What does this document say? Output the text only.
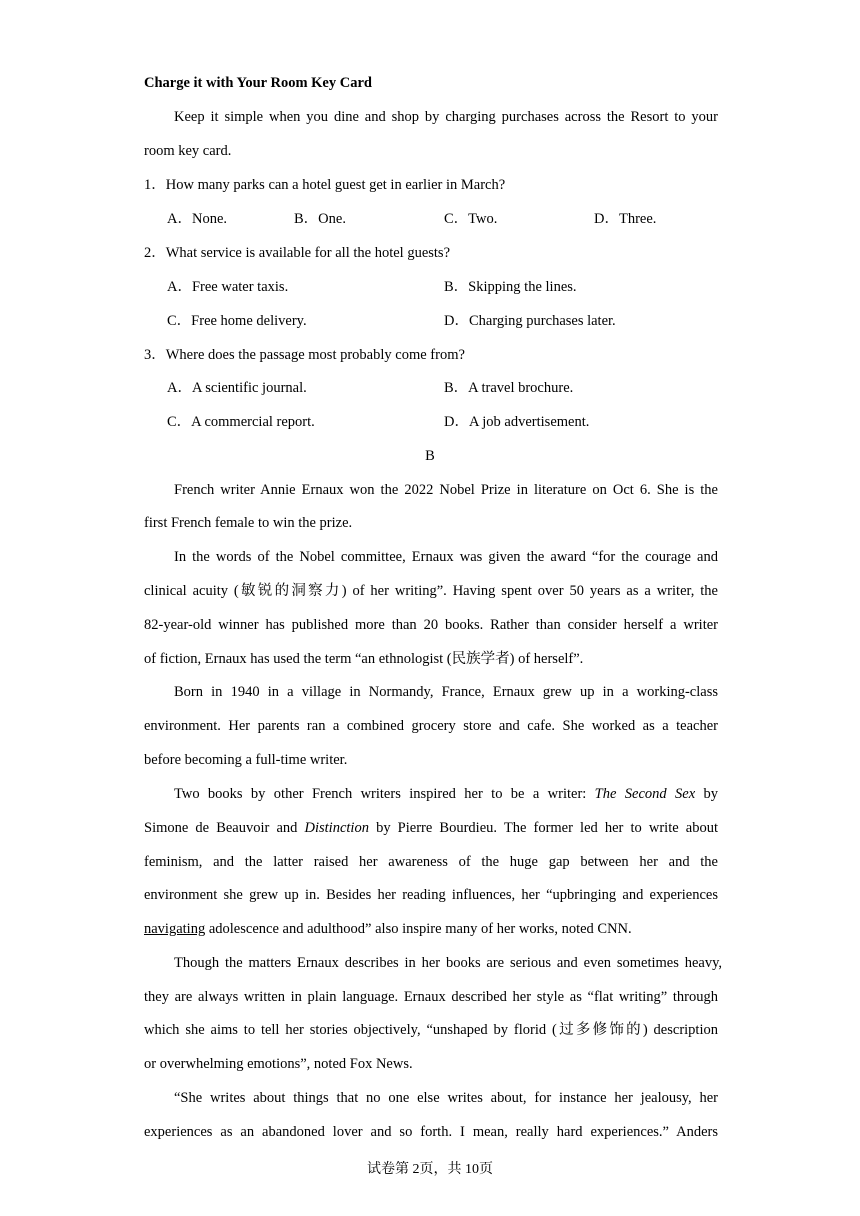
Charge it with Your Room Key Card
Keep it simple when you dine and shop by charging purchases across the Resort to your
room key card.
1．How many parks can a hotel guest get in earlier in March?
A．None.	B．One.	C．Two.	D．Three.
2．What service is available for all the hotel guests?
A．Free water taxis.	B．Skipping the lines.
C．Free home delivery.	D．Charging purchases later.
3．Where does the passage most probably come from?
A．A scientific journal.	B．A travel brochure.
C．A commercial report.	D．A job advertisement.
B
French writer Annie Ernaux won the 2022 Nobel Prize in literature on Oct 6. She is the
first French female to win the prize.
In the words of the Nobel committee, Ernaux was given the award “for the courage and
clinical acuity (敏锐的洞察力) of her writing”. Having spent over 50 years as a writer, the
82-year-old winner has published more than 20 books. Rather than consider herself a writer
of fiction, Ernaux has used the term “an ethnologist (民族学者) of herself”.
Born in 1940 in a village in Normandy, France, Ernaux grew up in a working-class
environment. Her parents ran a combined grocery store and cafe. She worked as a teacher
before becoming a full-time writer.
Two books by other French writers inspired her to be a writer: The Second Sex by
Simone de Beauvoir and Distinction by Pierre Bourdieu. The former led her to write about
feminism, and the latter raised her awareness of the huge gap between her and the
environment she grew up in. Besides her reading influences, her “upbringing and experiences
navigating adolescence and adulthood” also inspire many of her works, noted CNN.
Though the matters Ernaux describes in her books are serious and even sometimes heavy,
they are always written in plain language. Ernaux described her style as “flat writing” through
which she aims to tell her stories objectively, “unshaped by florid (过多修饰的) description
or overwhelming emotions”, noted Fox News.
“She writes about things that no one else writes about, for instance her jealousy, her
experiences as an abandoned lover and so forth. I mean, really hard experiences.” Anders
试卷第 2页，共 10页
